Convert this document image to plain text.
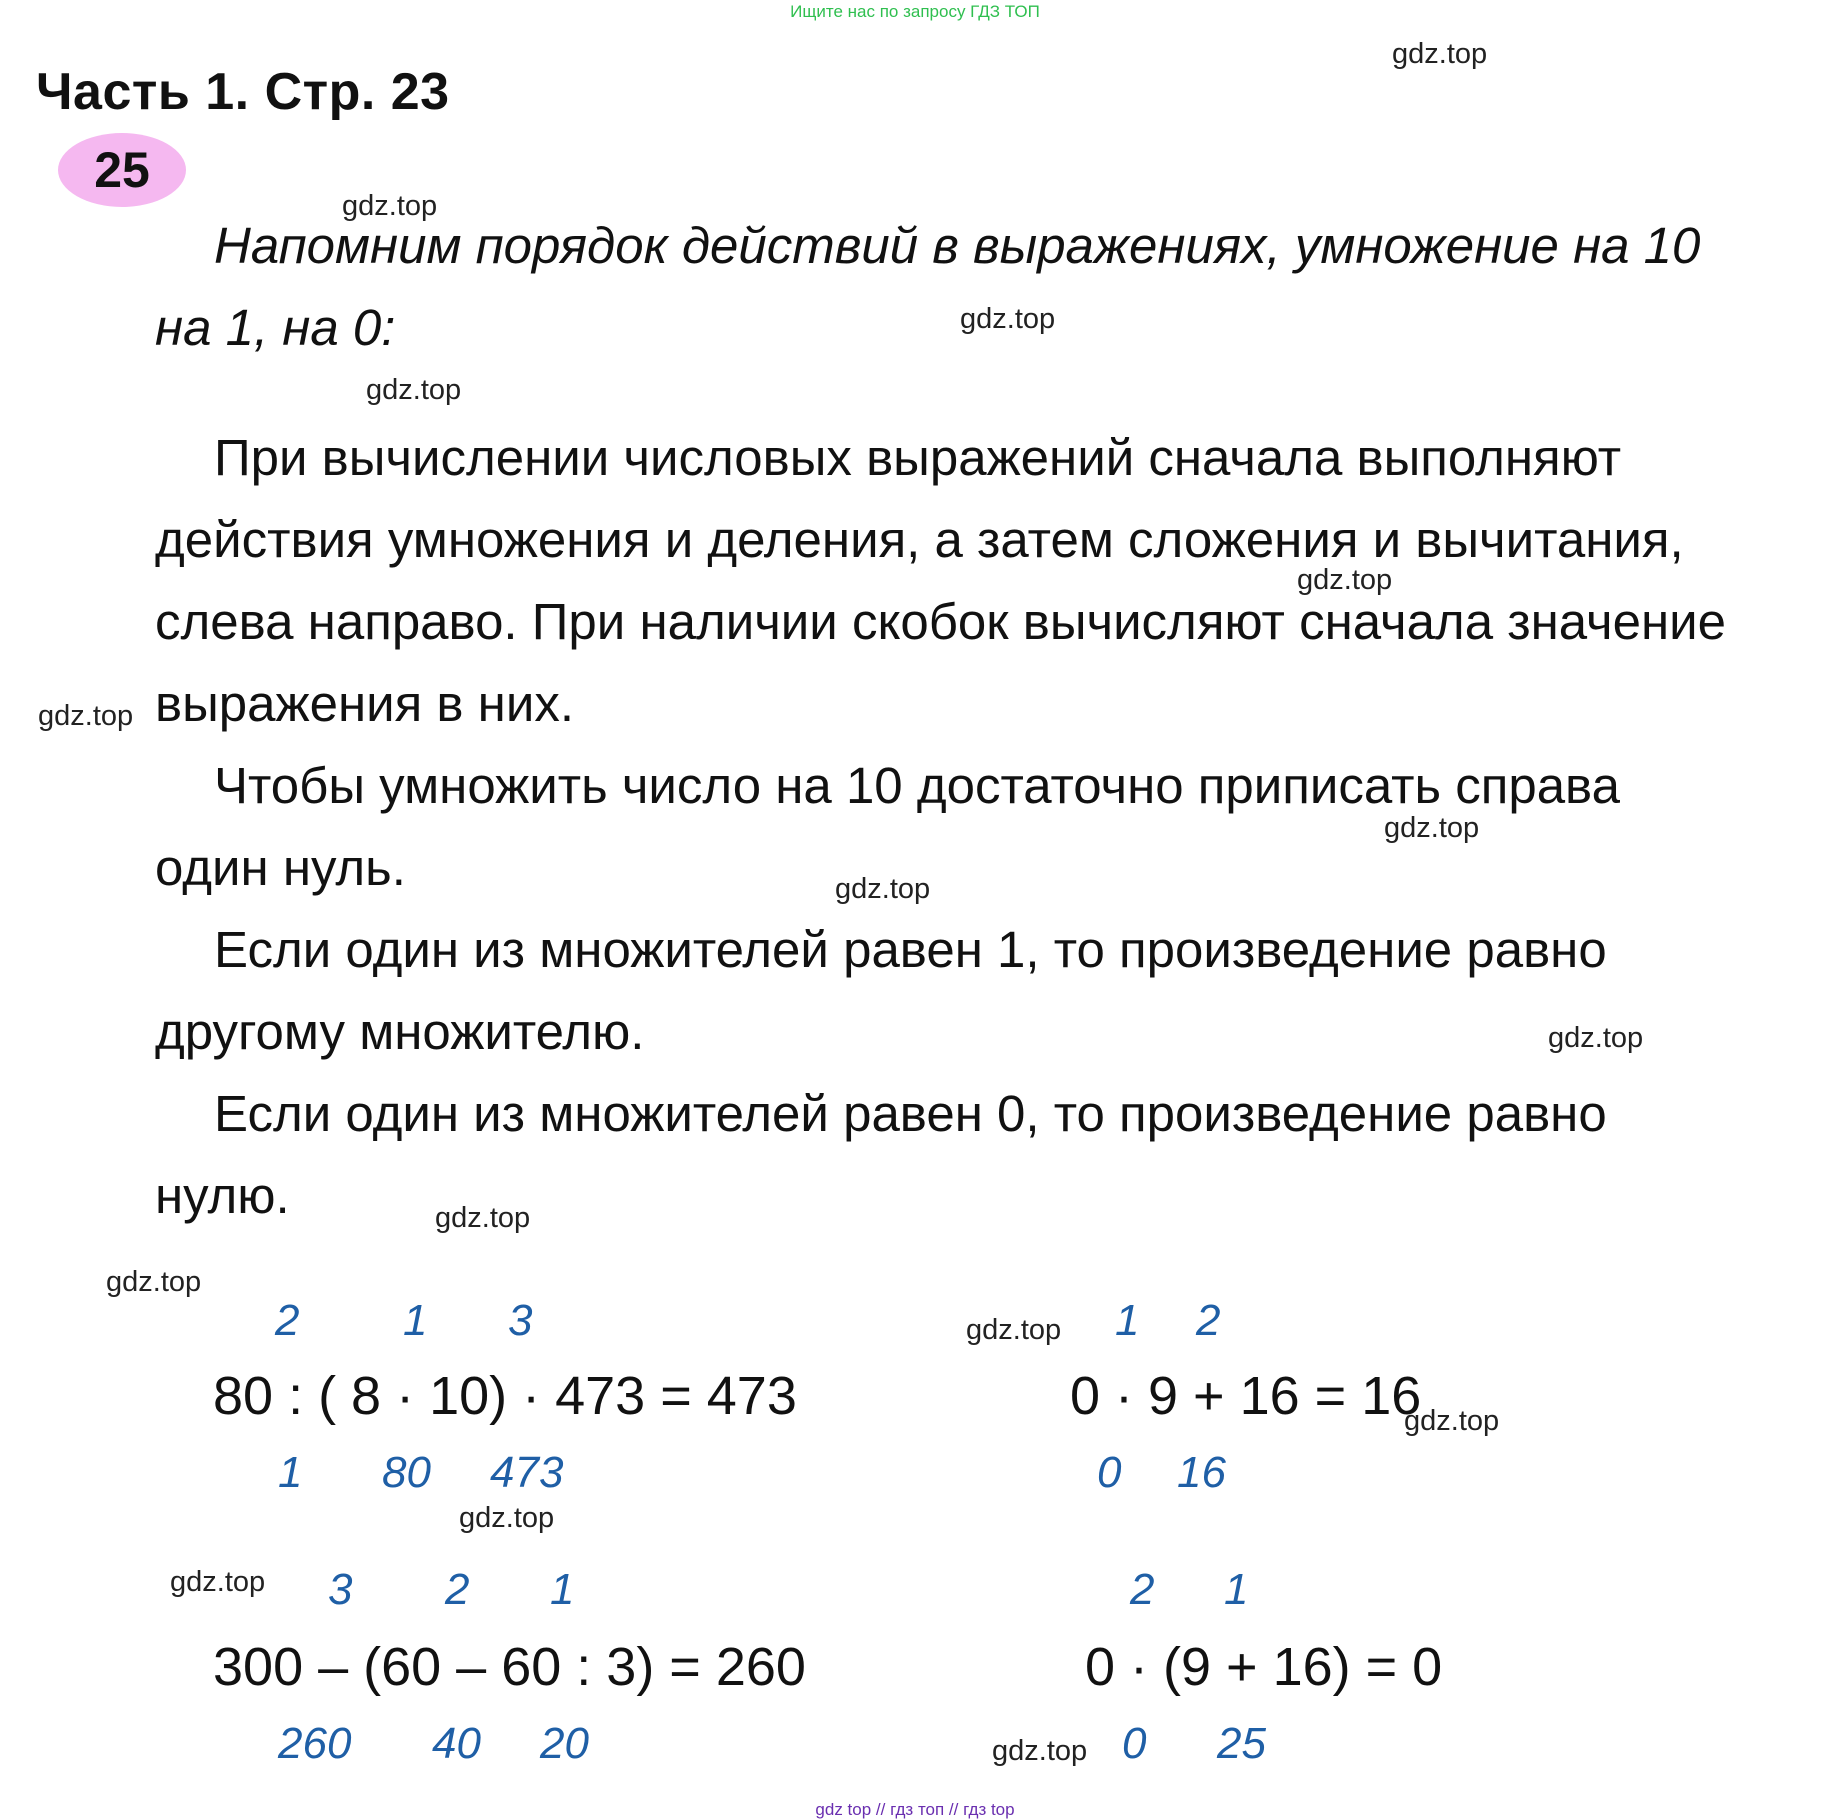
Ищите нас по запросу ГДЗ ТОП
Часть 1. Стр. 23
25
Напомним порядок действий в выражениях, умножение на 10
на 1, на 0:
При вычислении числовых выражений сначала выполняют
действия умножения и деления, а затем сложения и вычитания,
слева направо. При наличии скобок вычисляют сначала значение
выражения в них.
Чтобы умножить число на 10 достаточно приписать справа
один нуль.
Если один из множителей равен 1, то произведение равно
другому множителю.
Если один из множителей равен 0, то произведение равно
нулю.
2 1 3
80 : ( 8 · 10) · 473 = 473
1 80 473
1 2
0 · 9 + 16 = 16
0 16
3 2 1
300 – (60 – 60 : 3) = 260
260 40 20
2 1
0 · (9 + 16) = 0
0 25
gdz.top
gdz.top
gdz.top
gdz.top
gdz.top
gdz.top
gdz.top
gdz.top
gdz.top
gdz.top
gdz.top
gdz.top
gdz.top
gdz.top
gdz.top
gdz.top
gdz top // гдз топ // гдз top
